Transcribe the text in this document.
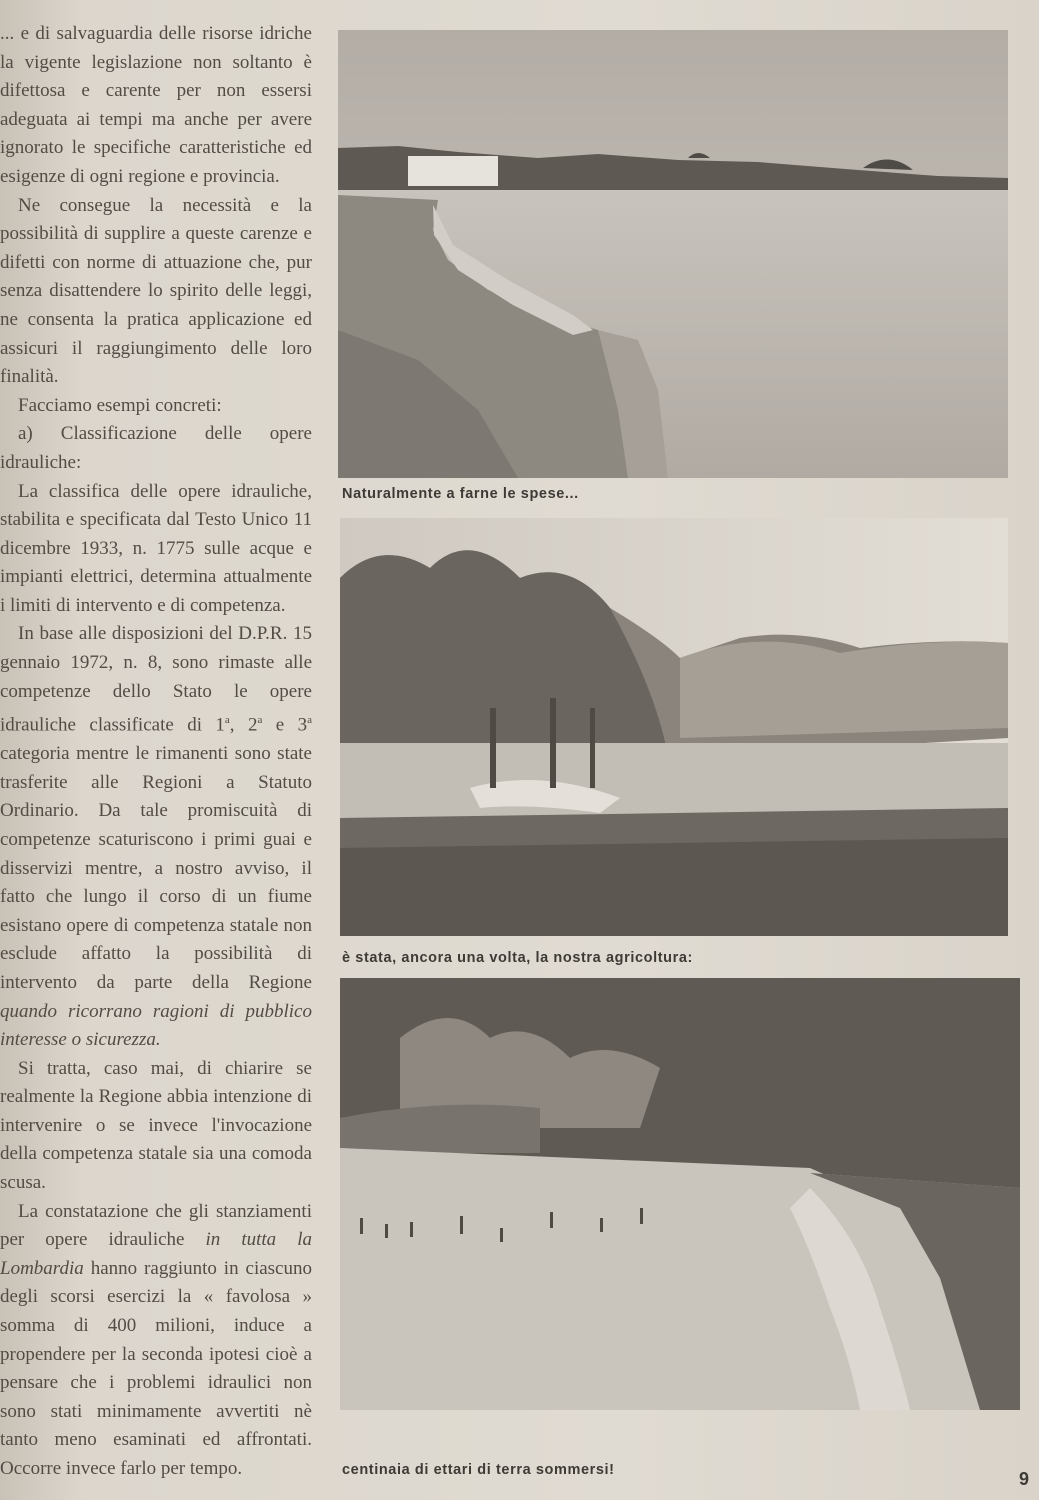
... e di salvaguardia delle risorse idriche la vigente legislazione non soltanto è difettosa e carente per non essersi adeguata ai tempi ma anche per avere ignorato le specifiche caratteristiche ed esigenze di ogni regione e provincia.

Ne consegue la necessità e la possibilità di supplire a queste carenze e difetti con norme di attuazione che, pur senza disattendere lo spirito delle leggi, ne consenta la pratica applicazione ed assicuri il raggiungimento delle loro finalità.

Facciamo esempi concreti:

a) Classificazione delle opere idrauliche:

La classifica delle opere idrauliche, stabilita e specificata dal Testo Unico 11 dicembre 1933, n. 1775 sulle acque e impianti elettrici, determina attualmente i limiti di intervento e di competenza.

In base alle disposizioni del D.P.R. 15 gennaio 1972, n. 8, sono rimaste alle competenze dello Stato le opere idrauliche classificate di 1$^a$, 2$^a$ e 3$^a$ categoria mentre le rimanenti sono state trasferite alle Regioni a Statuto Ordinario. Da tale promiscuità di competenze scaturiscono i primi guai e disservizi mentre, a nostro avviso, il fatto che lungo il corso di un fiume esistano opere di competenza statale non esclude affatto la possibilità di intervento da parte della Regione quando ricorrano ragioni di pubblico interesse o sicurezza.

Si tratta, caso mai, di chiarire se realmente la Regione abbia intenzione di intervenire o se invece l'invocazione della competenza statale sia una comoda scusa.

La constatazione che gli stanziamenti per opere idrauliche in tutta la Lombardia hanno raggiunto in ciascuno degli scorsi esercizi la « favolosa » somma di 400 milioni, induce a propendere per la seconda ipotesi cioè a pensare che i problemi idraulici non sono stati minimamente avvertiti nè tanto meno esaminati ed affrontati. Occorre invece farlo per tempo.

Naturalmente a farne le spese...
è stata, ancora una volta, la nostra agricoltura:
centinaia di ettari di terra sommersi!	9
